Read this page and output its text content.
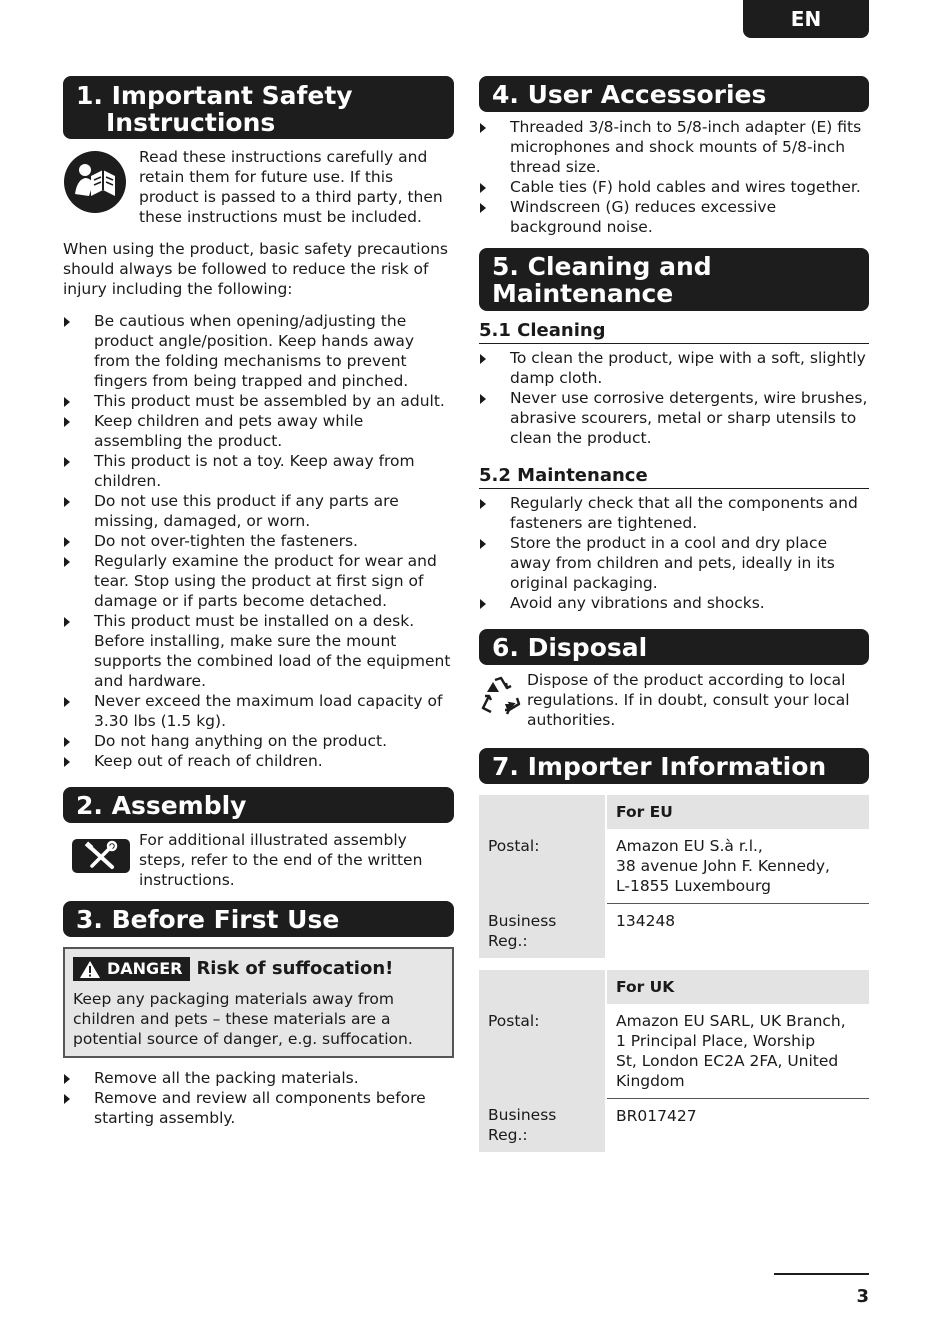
EN
1. Important Safety
Instructions
Read these instructions carefully and retain them for future use. If this product is passed to a third party, then these instructions must be included.

When using the product, basic safety precautions should always be followed to reduce the risk of injury including the following:

Be cautious when opening/adjusting the product angle/position. Keep hands away from the folding mechanisms to prevent fingers from being trapped and pinched.
This product must be assembled by an adult.
Keep children and pets away while assembling the product.
This product is not a toy. Keep away from children.
Do not use this product if any parts are missing, damaged, or worn.
Do not over-tighten the fasteners.
Regularly examine the product for wear and tear. Stop using the product at first sign of damage or if parts become detached.
This product must be installed on a desk. Before installing, make sure the mount supports the combined load of the equipment and hardware.
Never exceed the maximum load capacity of 3.30 lbs (1.5 kg).
Do not hang anything on the product.
Keep out of reach of children.
2. Assembly
For additional illustrated assembly steps, refer to the end of the written instructions.
3. Before First Use
DANGER Risk of suffocation!

Keep any packaging materials away from children and pets – these materials are a potential source of danger, e.g. suffocation.

Remove all the packing materials.
Remove and review all components before starting assembly.
4. User Accessories
Threaded 3/8-inch to 5/8-inch adapter (E) fits microphones and shock mounts of 5/8-inch thread size.
Cable ties (F) hold cables and wires together.
Windscreen (G) reduces excessive background noise.
5. Cleaning and Maintenance
5.1 Cleaning
To clean the product, wipe with a soft, slightly damp cloth.
Never use corrosive detergents, wire brushes, abrasive scourers, metal or sharp utensils to clean the product.
5.2 Maintenance
Regularly check that all the components and fasteners are tightened.
Store the product in a cool and dry place away from children and pets, ideally in its original packaging.
Avoid any vibrations and shocks.
6. Disposal
Dispose of the product according to local regulations. If in doubt, consult your local authorities.
7. Importer Information
	For EU
Postal:	Amazon EU S.à r.l.,
38 avenue John F. Kennedy,
L-1855 Luxembourg

Business Reg.:	134248

	For UK
Postal:	Amazon EU SARL, UK Branch,
1 Principal Place, Worship
St, London EC2A 2FA, United
Kingdom

Business Reg.:	BR017427
3
